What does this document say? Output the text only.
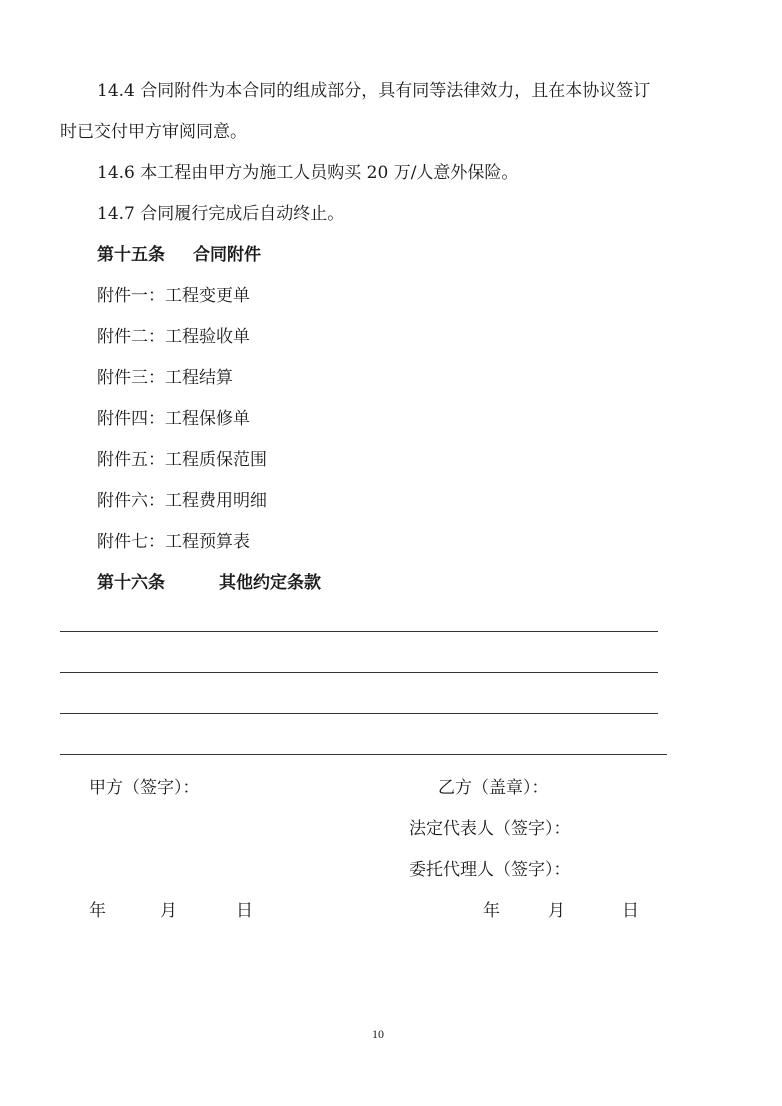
14.4 合同附件为本合同的组成部分，具有同等法律效力，且在本协议签订
时已交付甲方审阅同意。
14.6 本工程由甲方为施工人员购买 20 万/人意外保险。
14.7 合同履行完成后自动终止。
第十五条 合同附件
附件一：工程变更单
附件二：工程验收单
附件三：工程结算
附件四：工程保修单
附件五：工程质保范围
附件六：工程费用明细
附件七：工程预算表
第十六条	其他约定条款
甲方（签字）：	乙方（盖章）：
法定代表人（签字）：
委托代理人（签字）：
年	月	日	年	月	日
10
